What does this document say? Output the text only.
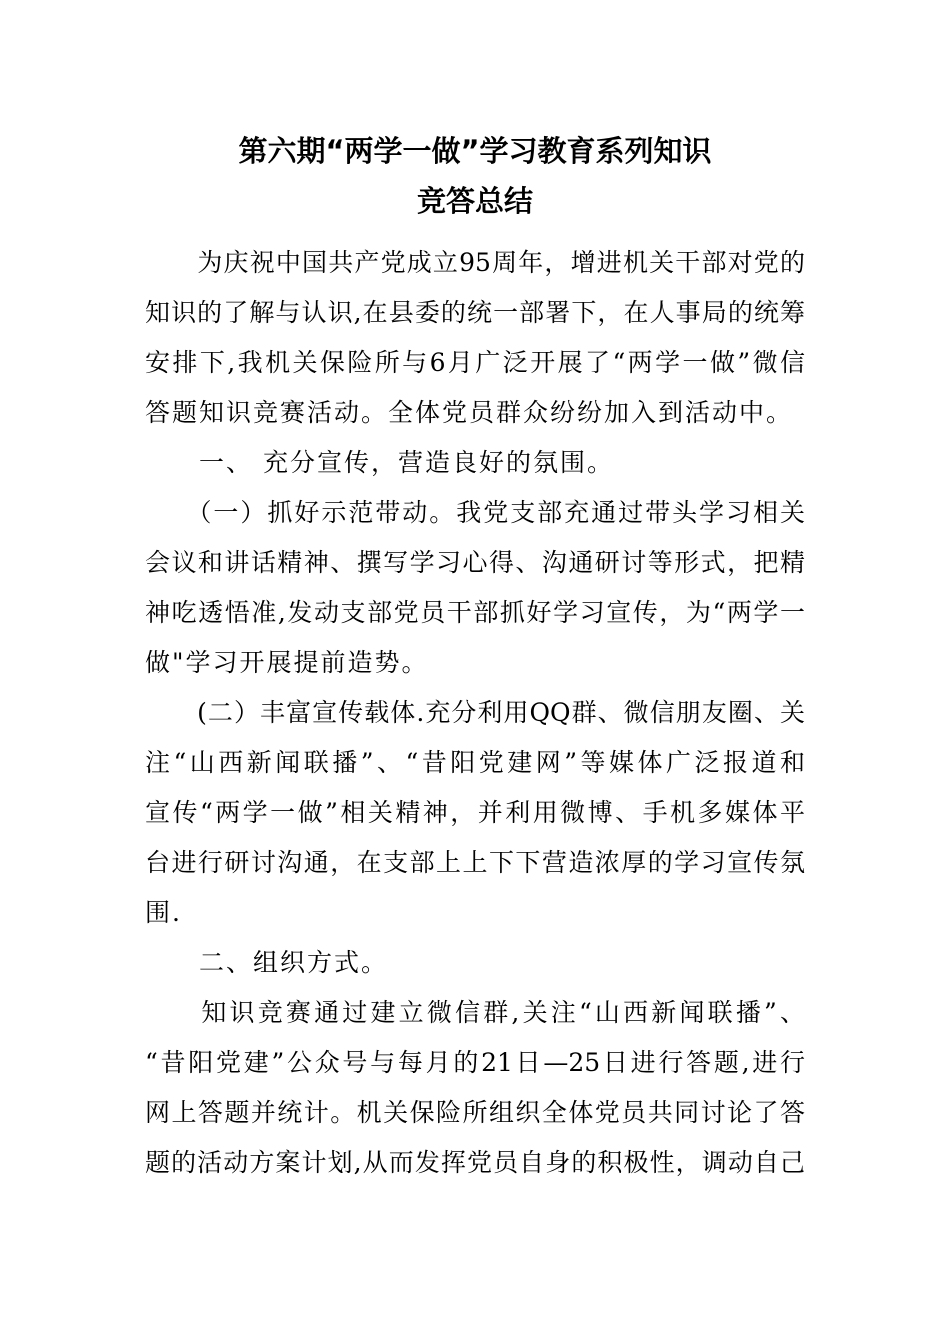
第六期“两学一做”学习教育系列知识
竞答总结
　　为庆祝中国共产党成立95周年，增进机关干部对党的
知识的了解与认识,在县委的统一部署下，在人事局的统筹
安排下,我机关保险所与6月广泛开展了“两学一做”微信
答题知识竞赛活动。全体党员群众纷纷加入到活动中。
　　一、 充分宣传，营造良好的氛围。
　　（一）抓好示范带动。我党支部充通过带头学习相关
会议和讲话精神、撰写学习心得、沟通研讨等形式，把精
神吃透悟准,发动支部党员干部抓好学习宣传，为“两学一
做"学习开展提前造势。
　　(二）丰富宣传载体.充分利用QQ群、微信朋友圈、关
注“山西新闻联播”、“昔阳党建网”等媒体广泛报道和
宣传“两学一做”相关精神，并利用微博、手机多媒体平
台进行研讨沟通，在支部上上下下营造浓厚的学习宣传氛
围.
　　二、组织方式。
　　知识竞赛通过建立微信群,关注“山西新闻联播”、
“昔阳党建”公众号与每月的21日—25日进行答题,进行
网上答题并统计。机关保险所组织全体党员共同讨论了答
题的活动方案计划,从而发挥党员自身的积极性，调动自己
